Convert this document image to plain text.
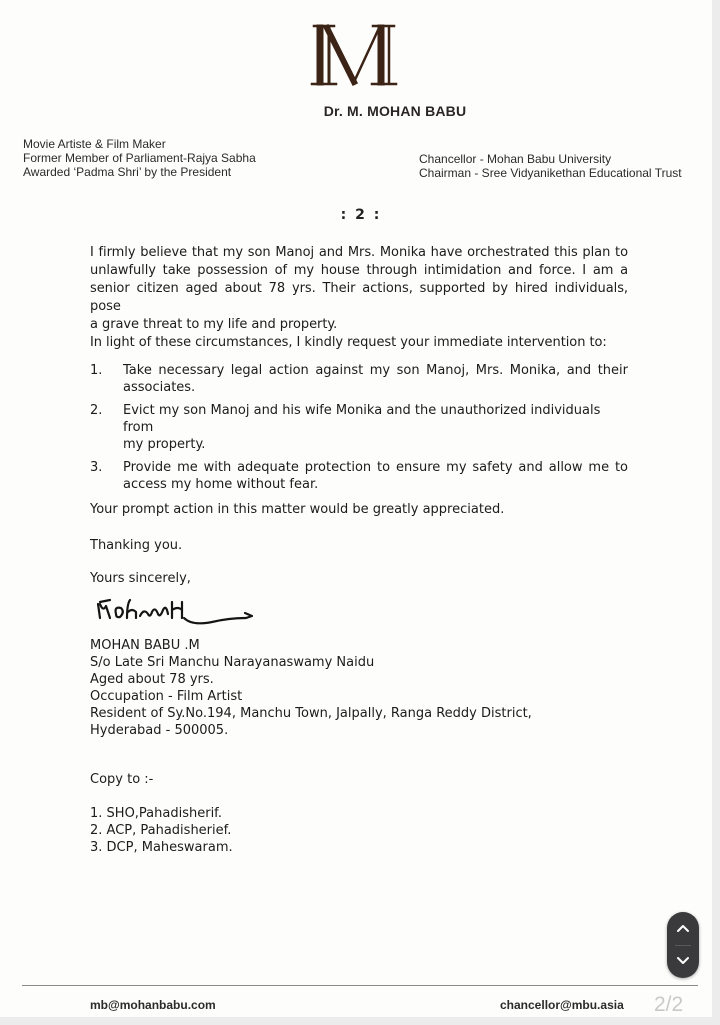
Dr. M. MOHAN BABU
Movie Artiste & Film Maker
Former Member of Parliament-Rajya Sabha
Awarded ‘Padma Shri’ by the President
Chancellor - Mohan Babu University
Chairman - Sree Vidyanikethan Educational Trust
: 2 :
I firmly believe that my son Manoj and Mrs. Monika have orchestrated this plan to
unlawfully take possession of my house through intimidation and force. I am a
senior citizen aged about 78 yrs. Their actions, supported by hired individuals, pose
a grave threat to my life and property.
In light of these circumstances, I kindly request your immediate intervention to:
1. Take necessary legal action against my son Manoj, Mrs. Monika, and their
associates.
2. Evict my son Manoj and his wife Monika and the unauthorized individuals from
my property.
3. Provide me with adequate protection to ensure my safety and allow me to
access my home without fear.
Your prompt action in this matter would be greatly appreciated.
Thanking you.
Yours sincerely,
MOHAN BABU .M
S/o Late Sri Manchu Narayanaswamy Naidu
Aged about 78 yrs.
Occupation - Film Artist
Resident of Sy.No.194, Manchu Town, Jalpally, Ranga Reddy District,
Hyderabad - 500005.
Copy to :-
1. SHO,Pahadisherif.
2. ACP, Pahadisherief.
3. DCP, Maheswaram.
mb@mohanbabu.com	chancellor@mbu.asia 2/2
